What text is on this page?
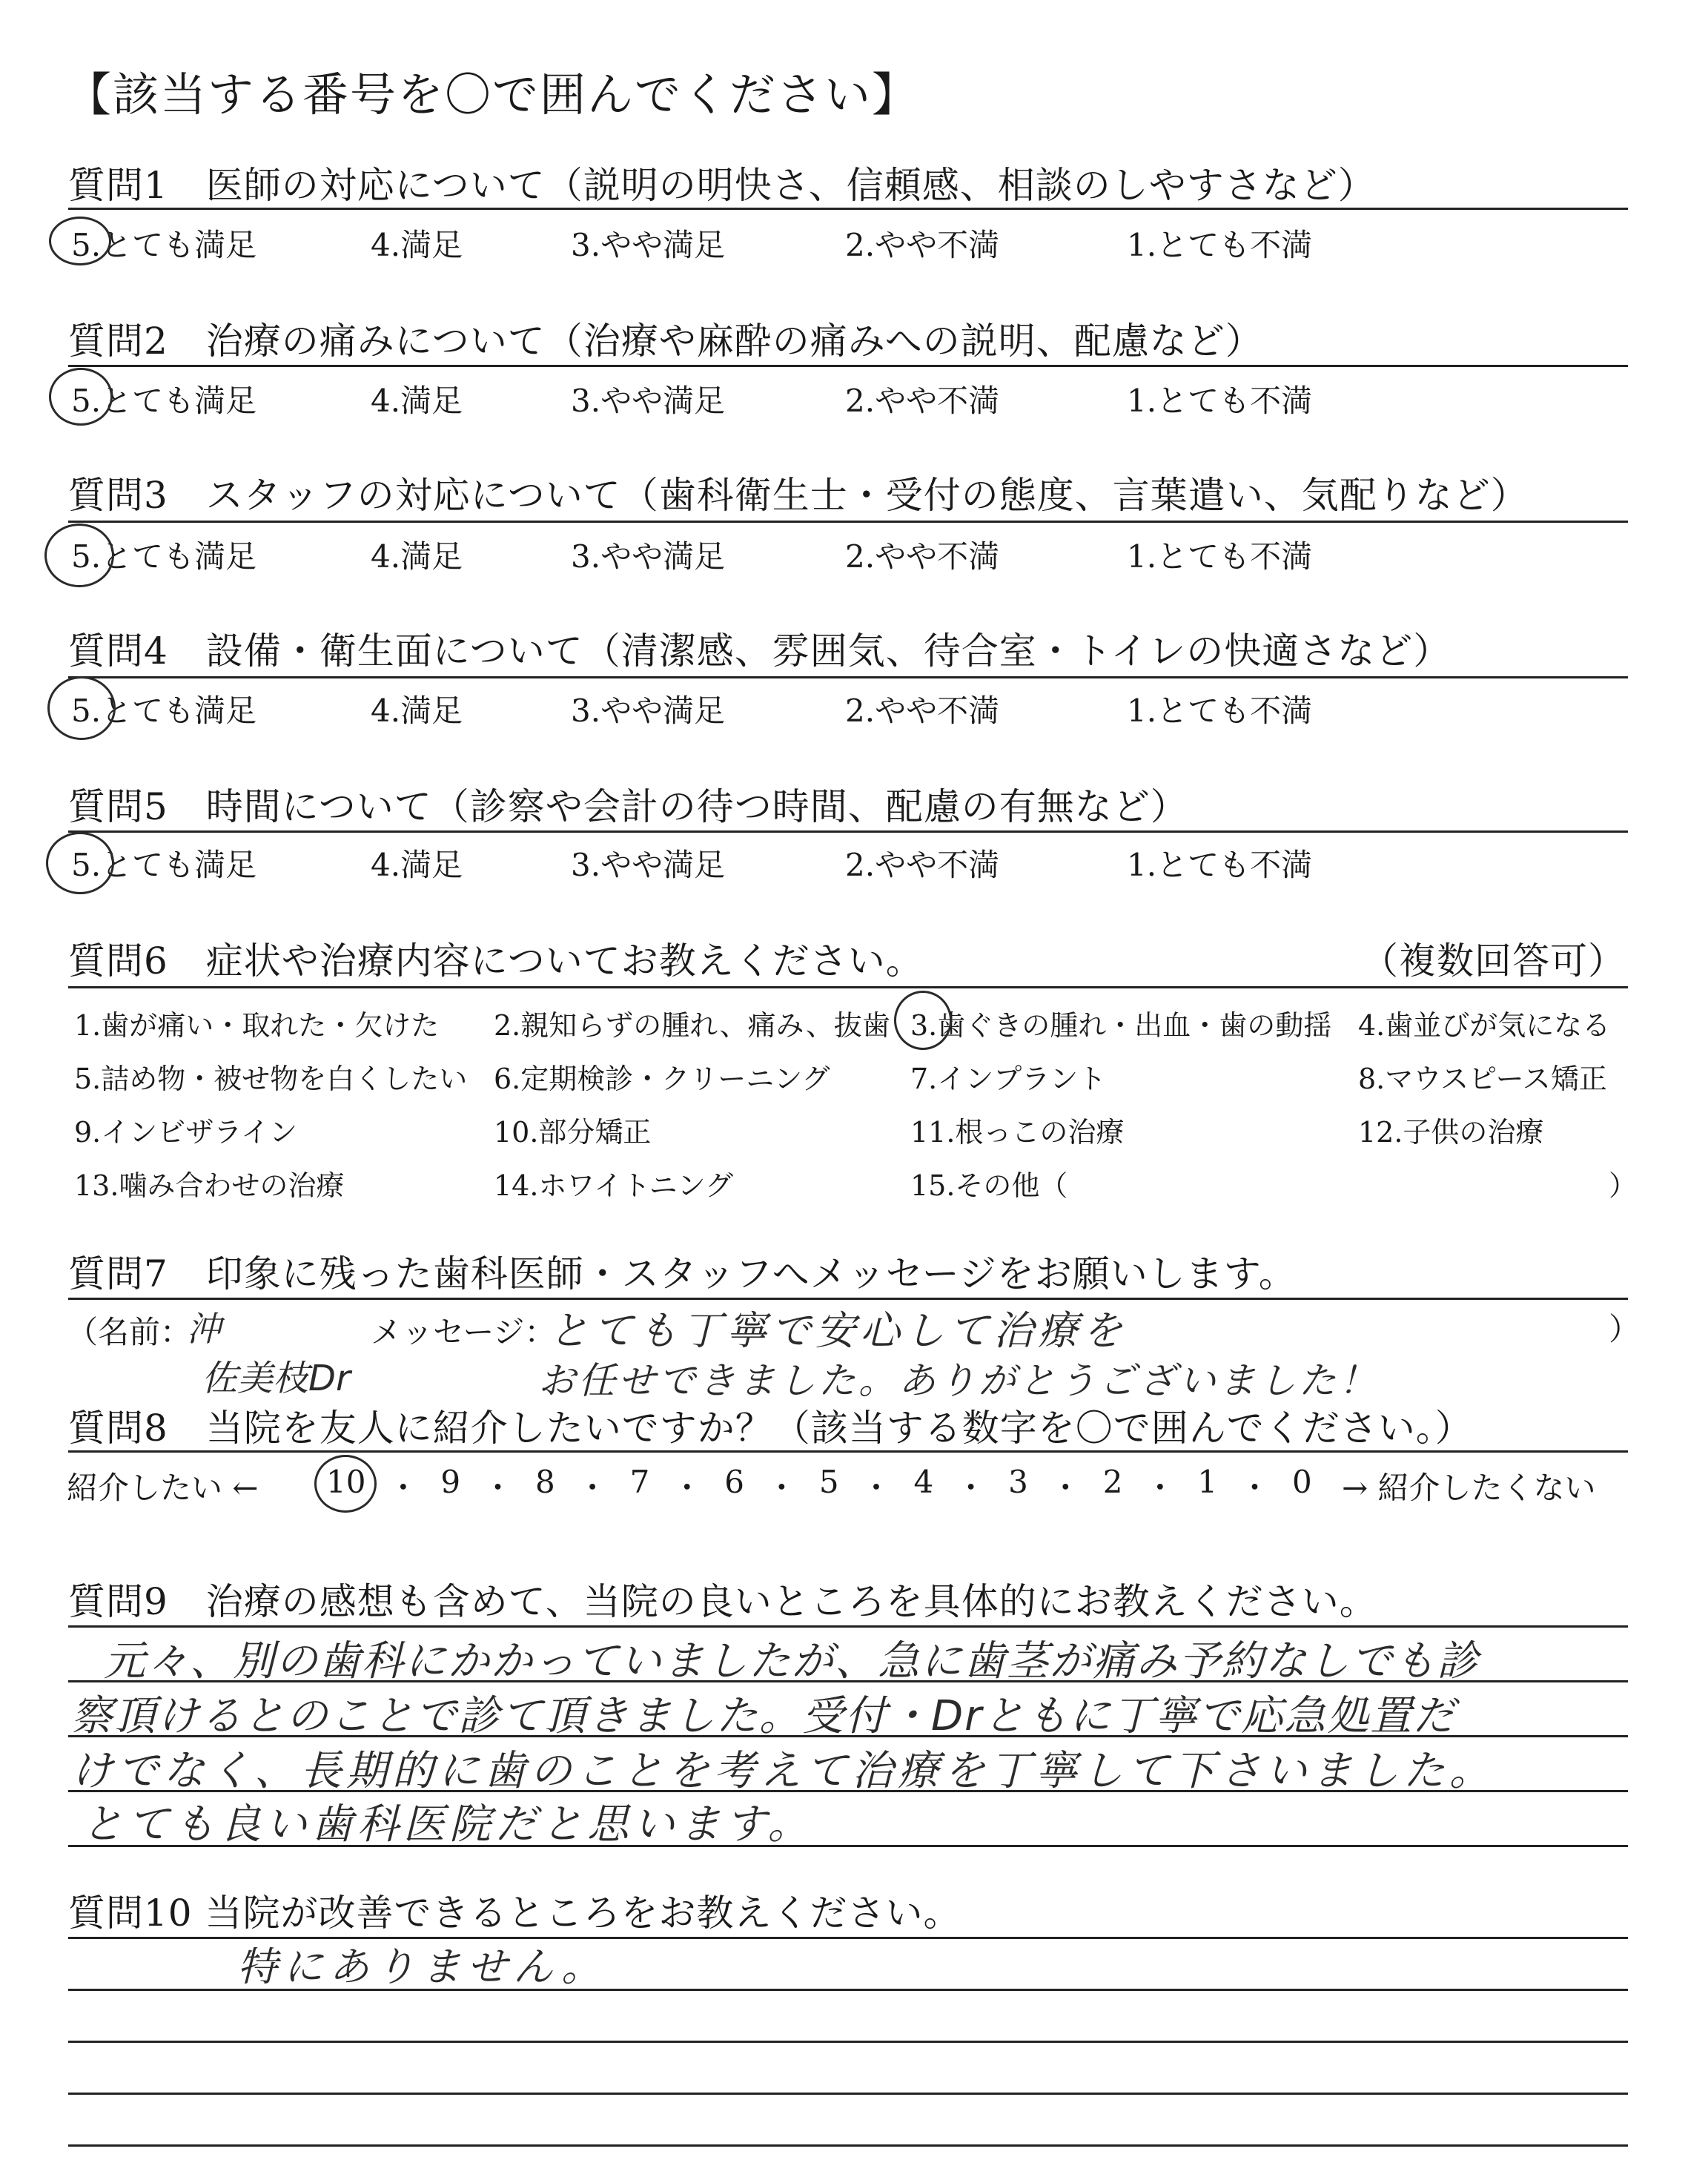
【該当する番号を〇で囲んでください】
質問1　医師の対応について（説明の明快さ、信頼感、相談のしやすさなど）
5.とても満足	4.満足	3.やや満足	2.やや不満	1.とても不満
質問2　治療の痛みについて（治療や麻酔の痛みへの説明、配慮など）
5.とても満足	4.満足	3.やや満足	2.やや不満	1.とても不満
質問3　スタッフの対応について（歯科衛生士・受付の態度、言葉遣い、気配りなど）
5.とても満足	4.満足	3.やや満足	2.やや不満	1.とても不満
質問4　設備・衛生面について（清潔感、雰囲気、待合室・トイレの快適さなど）
5.とても満足	4.満足	3.やや満足	2.やや不満	1.とても不満
質問5　時間について（診察や会計の待つ時間、配慮の有無など）
5.とても満足	4.満足	3.やや満足	2.やや不満	1.とても不満
質問6　症状や治療内容についてお教えください。	（複数回答可）
1.歯が痛い・取れた・欠けた 2.親知らずの腫れ、痛み、抜歯 3.歯ぐきの腫れ・出血・歯の動揺 4.歯並びが気になる
5.詰め物・被せ物を白くしたい 6.定期検診・クリーニング	7.インプラント	8.マウスピース矯正
9.インビザライン	10.部分矯正	11.根っこの治療	12.子供の治療
13.噛み合わせの治療	14.ホワイトニング	15.その他（	）
質問7　印象に残った歯科医師・スタッフへメッセージをお願いします。
（名前：
沖
佐美枝Dr
メッセージ：
とても丁寧で安心して治療を
お任せできました。ありがとうございました！
）
質問8　当院を友人に紹介したいですか？（該当する数字を〇で囲んでください。）
紹介したい ← 10 ・ 9 ・ 8 ・ 7 ・ 6 ・ 5 ・ 4 ・ 3 ・ 2 ・ 1 ・ 0 → 紹介したくない
質問9　治療の感想も含めて、当院の良いところを具体的にお教えください。
元々、別の歯科にかかっていましたが、急に歯茎が痛み予約なしでも診
察頂けるとのことで診て頂きました。受付・Drともに丁寧で応急処置だ
けでなく、長期的に歯のことを考えて治療を丁寧して下さいました。
とても良い歯科医院だと思います。
質問10 当院が改善できるところをお教えください。
特にありません。
